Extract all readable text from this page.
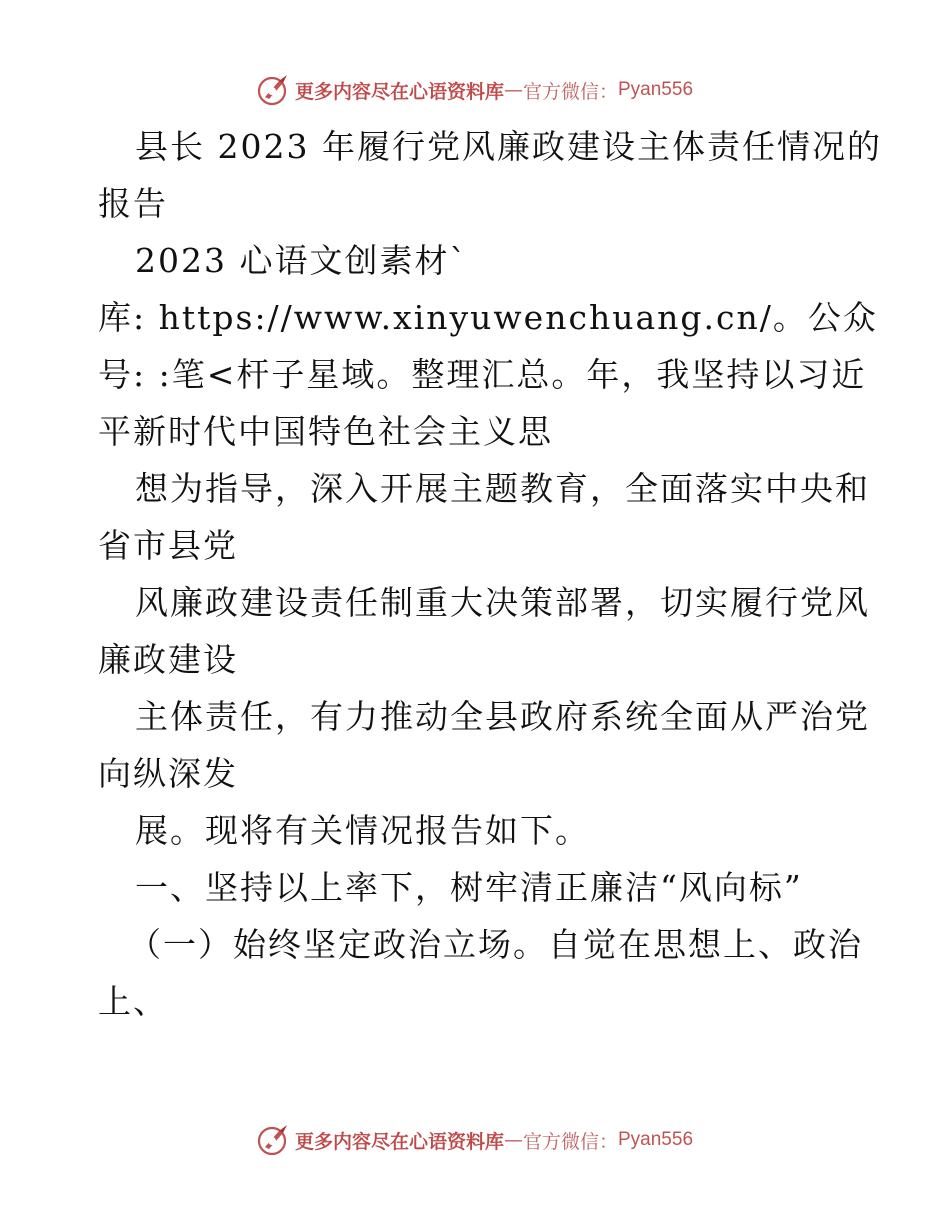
更多内容尽在心语资料库 — 官方微信： Pyan556

县长 2023 年履行党风廉政建设主体责任情况的
报告

2023 心语文创素材`

库: https://www.xinyuwenchuang.cn/。公众

号: :笔<杆子星域。整理汇总。年，我坚持以习近
平新时代中国特色社会主义思

想为指导，深入开展主题教育，全面落实中央和
省市县党

风廉政建设责任制重大决策部署，切实履行党风
廉政建设

主体责任，有力推动全县政府系统全面从严治党
向纵深发

展。现将有关情况报告如下。

一、坚持以上率下，树牢清正廉洁“风向标”

（一）始终坚定政治立场。自觉在思想上、政治
上、

更多内容尽在心语资料库 — 官方微信： Pyan556
